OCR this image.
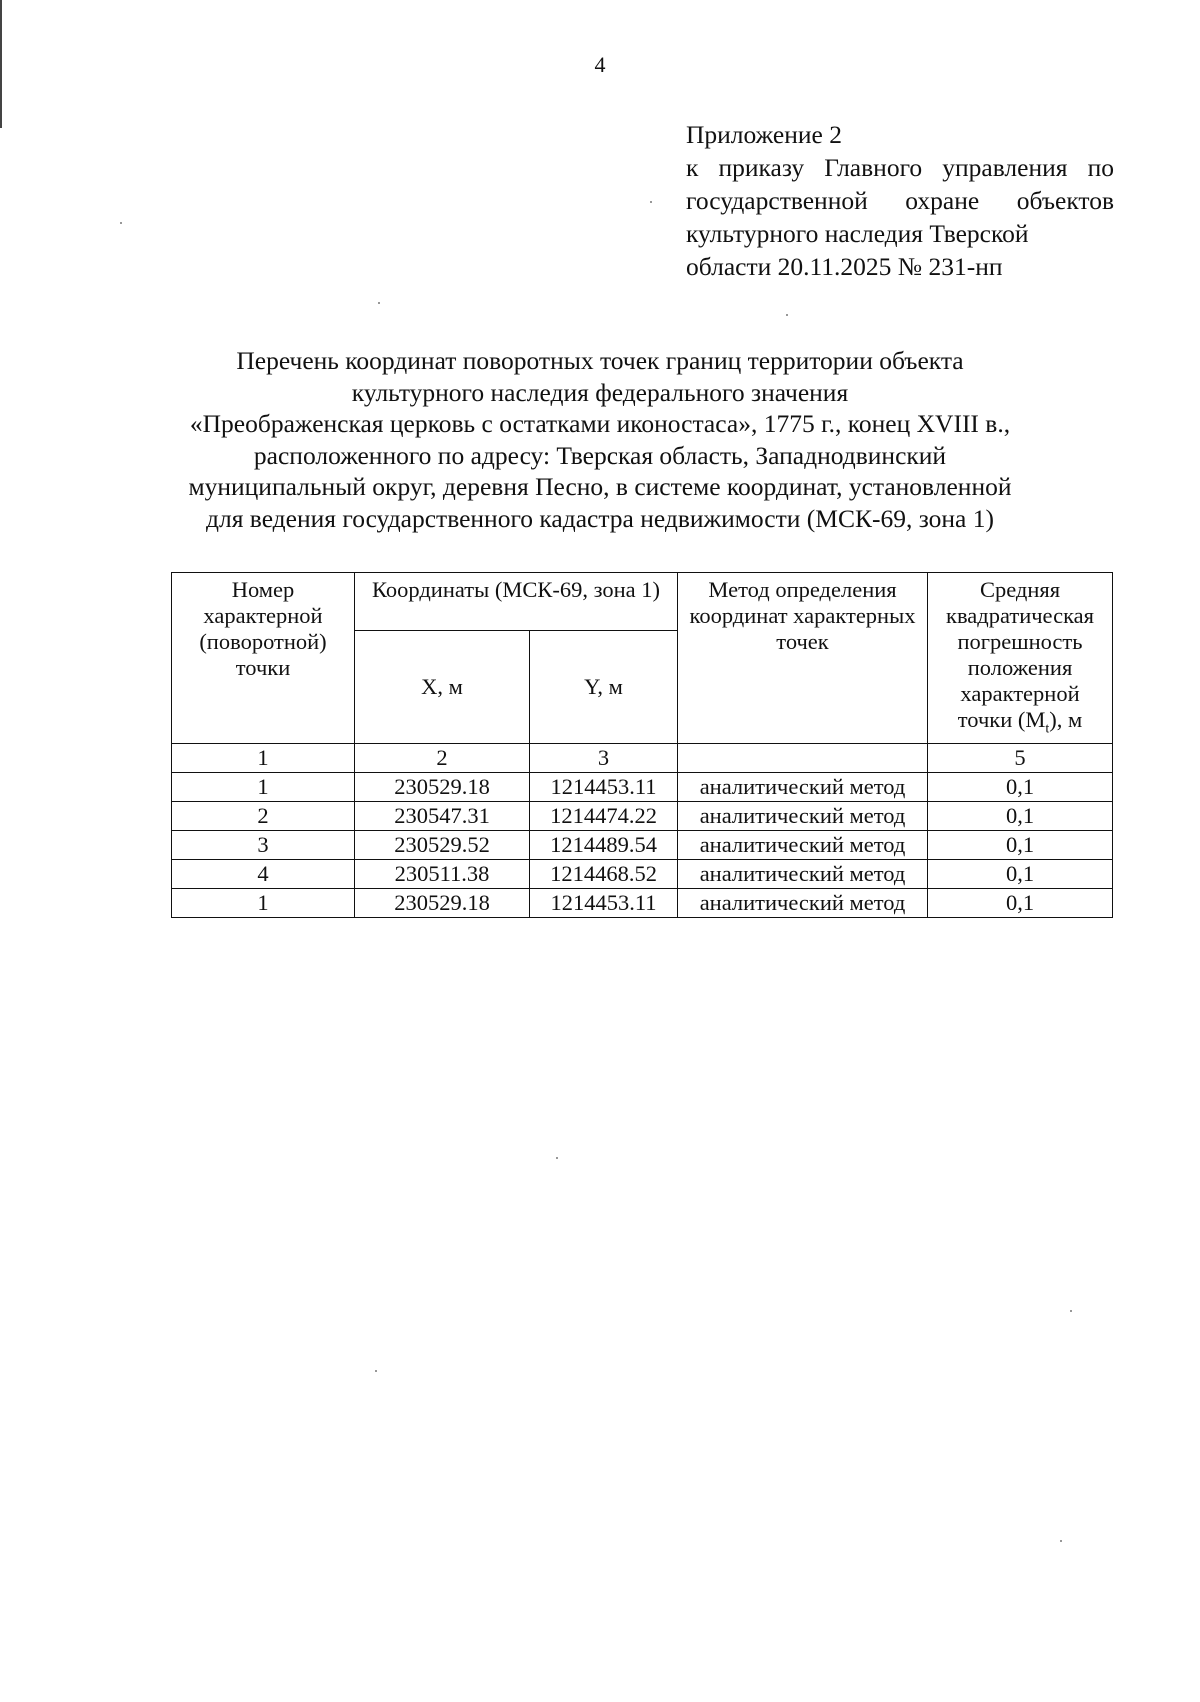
4
Приложение 2
к приказу Главного управления по государственной охране объектов культурного наследия Тверской
области 20.11.2025 № 231-нп
Перечень координат поворотных точек границ территории объекта
культурного наследия федерального значения
«Преображенская церковь с остатками иконостаса», 1775 г., конец XVIII в.,
расположенного по адресу: Тверская область, Западнодвинский
муниципальный округ, деревня Песно, в системе координат, установленной
для ведения государственного кадастра недвижимости (МСК-69, зона 1)
Номер характерной (поворотной) точки	Координаты (МСК-69, зона 1)		Метод определения координат характерных точек	Средняя квадратическая погрешность положения характерной точки $(M_t)$, м
	X, м	Y, м		
1	2	3		5
1	230529.18	1214453.11	аналитический метод	0,1
2	230547.31	1214474.22	аналитический метод	0,1
3	230529.52	1214489.54	аналитический метод	0,1
4	230511.38	1214468.52	аналитический метод	0,1
1	230529.18	1214453.11	аналитический метод	0,1
